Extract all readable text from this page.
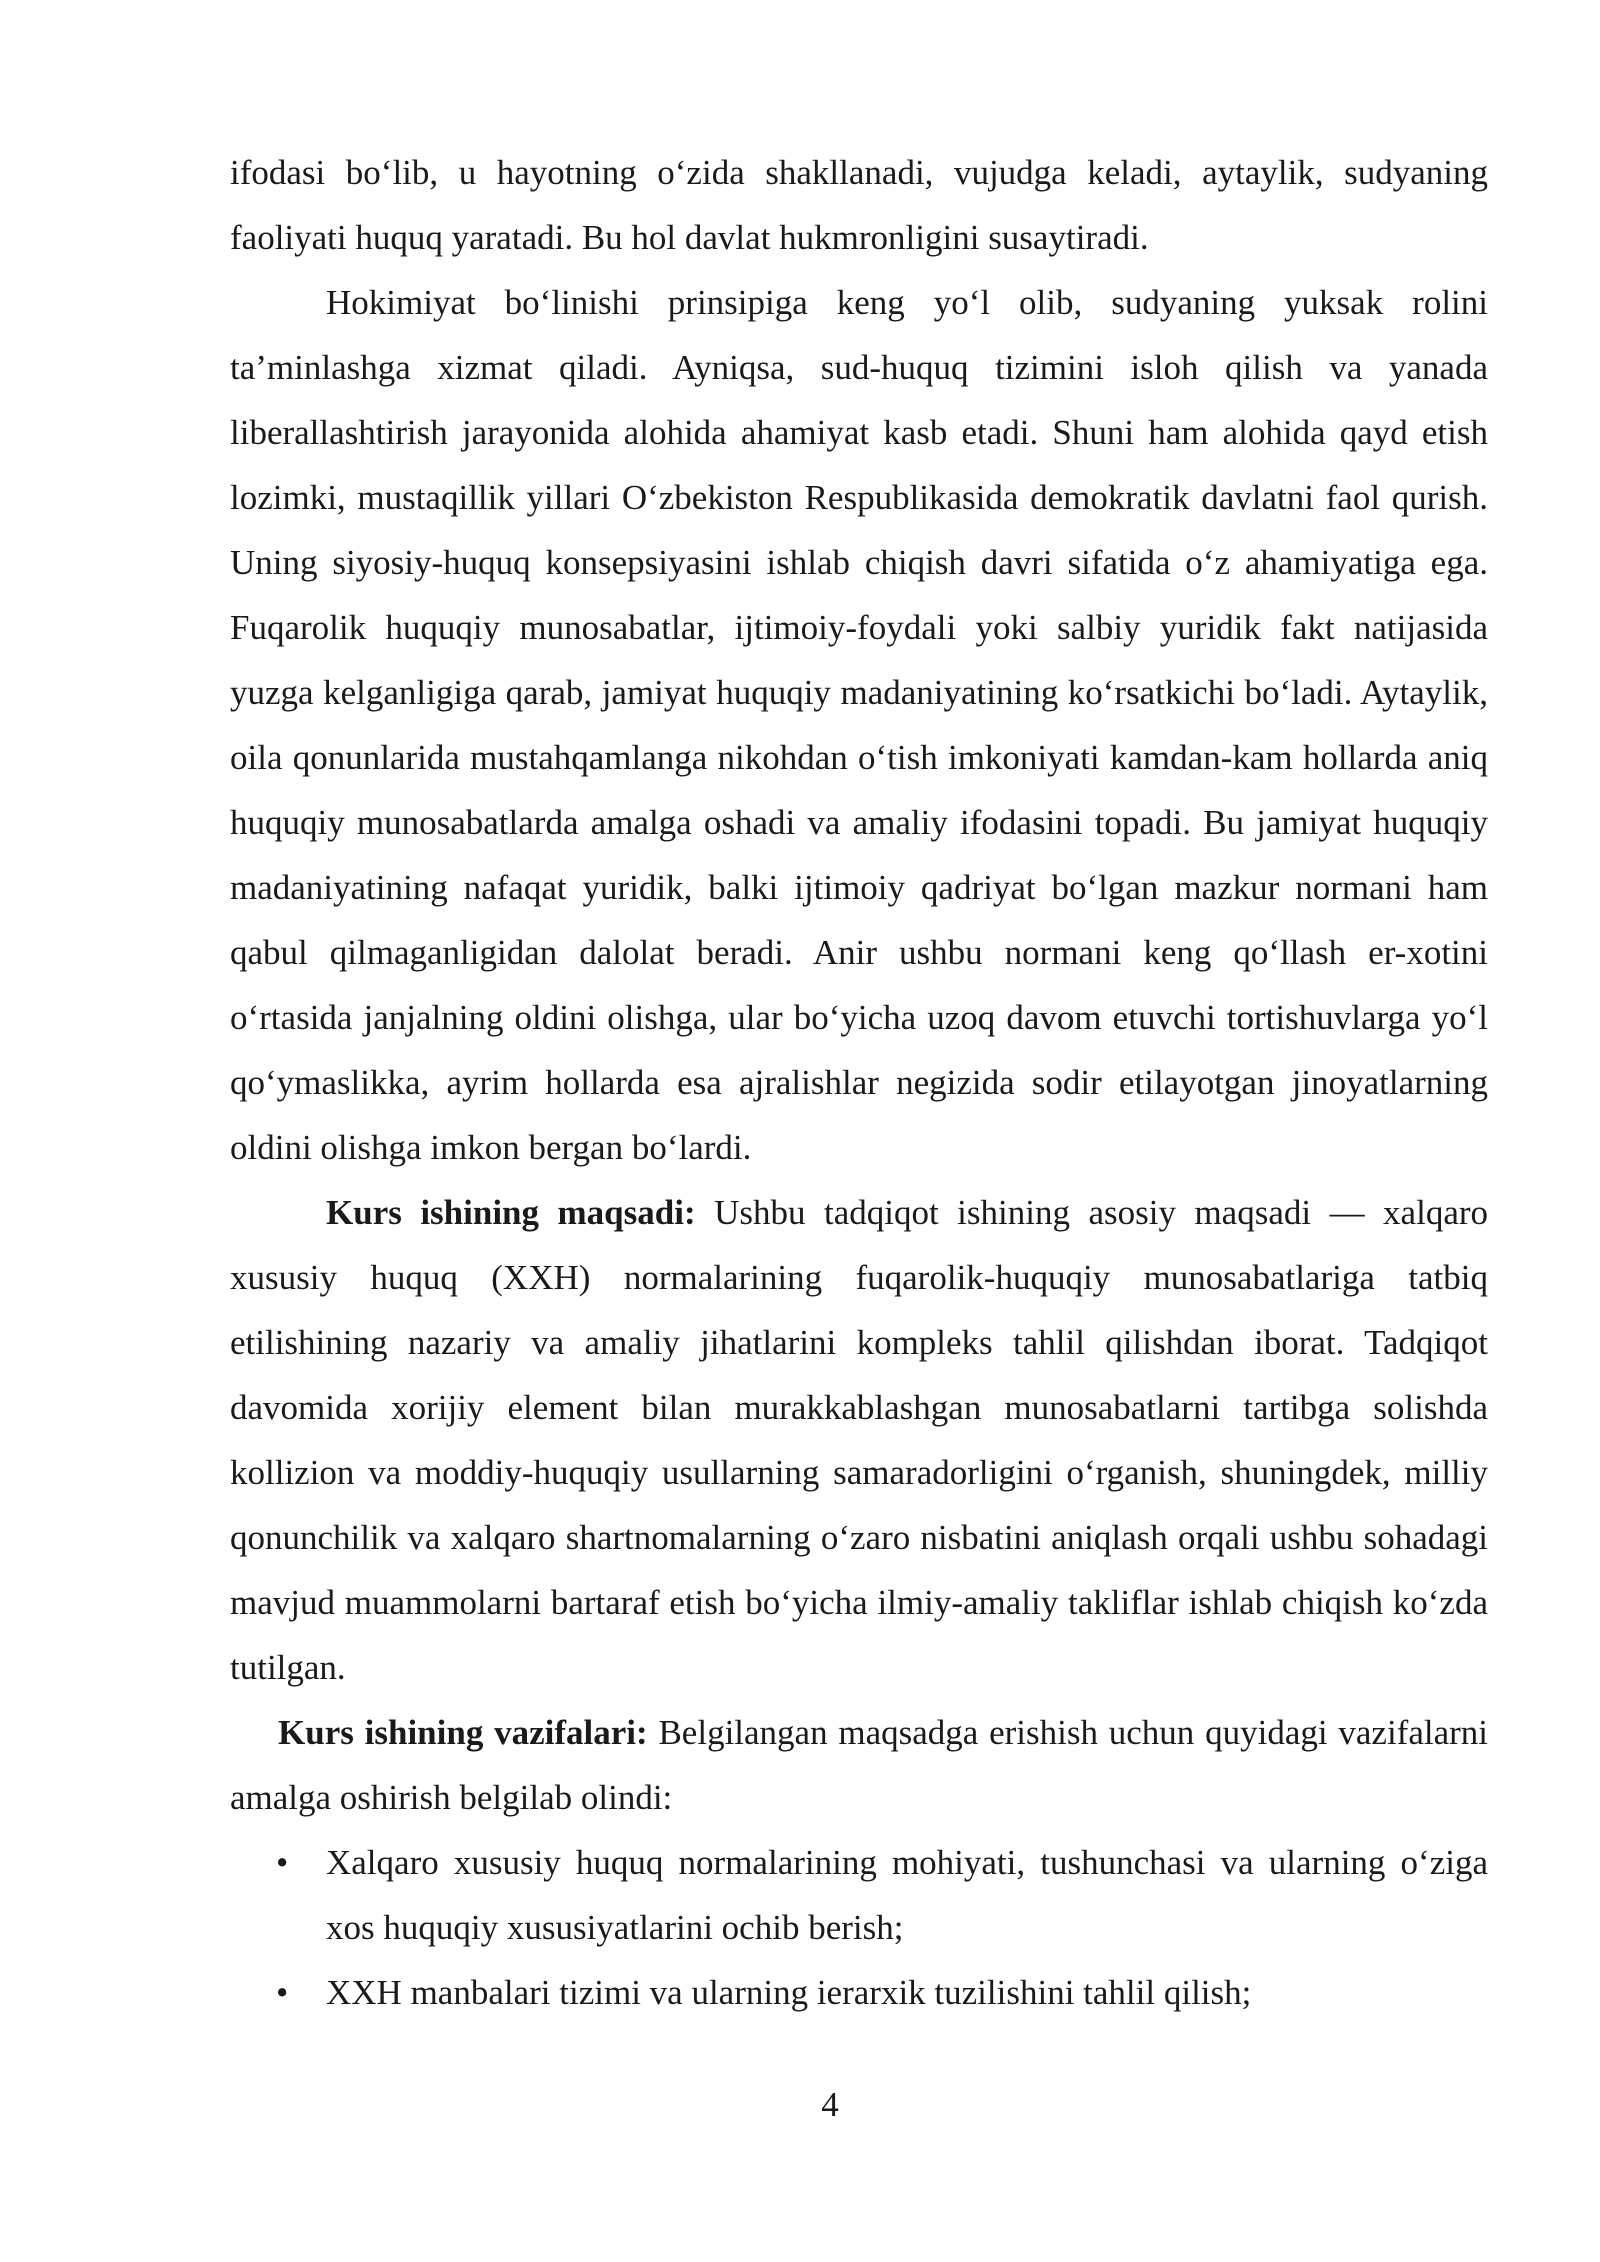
ifodasi bo‘lib, u hayotning o‘zida shakllanadi, vujudga keladi, aytaylik, sudyaning faoliyati huquq yaratadi. Bu hol davlat hukmronligini susaytiradi.

Hokimiyat bo‘linishi prinsipiga keng yo‘l olib, sudyaning yuksak rolini ta’minlashga xizmat qiladi. Ayniqsa, sud-huquq tizimini isloh qilish va yanada liberallashtirish jarayonida alohida ahamiyat kasb etadi. Shuni ham alohida qayd etish lozimki, mustaqillik yillari O‘zbekiston Respublikasida demokratik davlatni faol qurish. Uning siyosiy-huquq konsepsiyasini ishlab chiqish davri sifatida o‘z ahamiyatiga ega. Fuqarolik huquqiy munosabatlar, ijtimoiy-foydali yoki salbiy yuridik fakt natijasida yuzga kelganligiga qarab, jamiyat huquqiy madaniyatining ko‘rsatkichi bo‘ladi. Aytaylik, oila qonunlarida mustahqamlanga nikohdan o‘tish imkoniyati kamdan-kam hollarda aniq huquqiy munosabatlarda amalga oshadi va amaliy ifodasini topadi. Bu jamiyat huquqiy madaniyatining nafaqat yuridik, balki ijtimoiy qadriyat bo‘lgan mazkur normani ham qabul qilmaganligidan dalolat beradi. Anir ushbu normani keng qo‘llash er-xotini o‘rtasida janjalning oldini olishga, ular bo‘yicha uzoq davom etuvchi tortishuvlarga yo‘l qo‘ymaslikka, ayrim hollarda esa ajralishlar negizida sodir etilayotgan jinoyatlarning oldini olishga imkon bergan bo‘lardi.

Kurs ishining maqsadi: Ushbu tadqiqot ishining asosiy maqsadi — xalqaro xususiy huquq (XXH) normalarining fuqarolik-huquqiy munosabatlariga tatbiq etilishining nazariy va amaliy jihatlarini kompleks tahlil qilishdan iborat. Tadqiqot davomida xorijiy element bilan murakkablashgan munosabatlarni tartibga solishda kollizion va moddiy-huquqiy usullarning samaradorligini o‘rganish, shuningdek, milliy qonunchilik va xalqaro shartnomalarning o‘zaro nisbatini aniqlash orqali ushbu sohadagi mavjud muammolarni bartaraf etish bo‘yicha ilmiy-amaliy takliflar ishlab chiqish ko‘zda tutilgan.

Kurs ishining vazifalari: Belgilangan maqsadga erishish uchun quyidagi vazifalarni amalga oshirish belgilab olindi:

• Xalqaro xususiy huquq normalarining mohiyati, tushunchasi va ularning o‘ziga xos huquqiy xususiyatlarini ochib berish;
• XXH manbalari tizimi va ularning ierarxik tuzilishini tahlil qilish;
4
